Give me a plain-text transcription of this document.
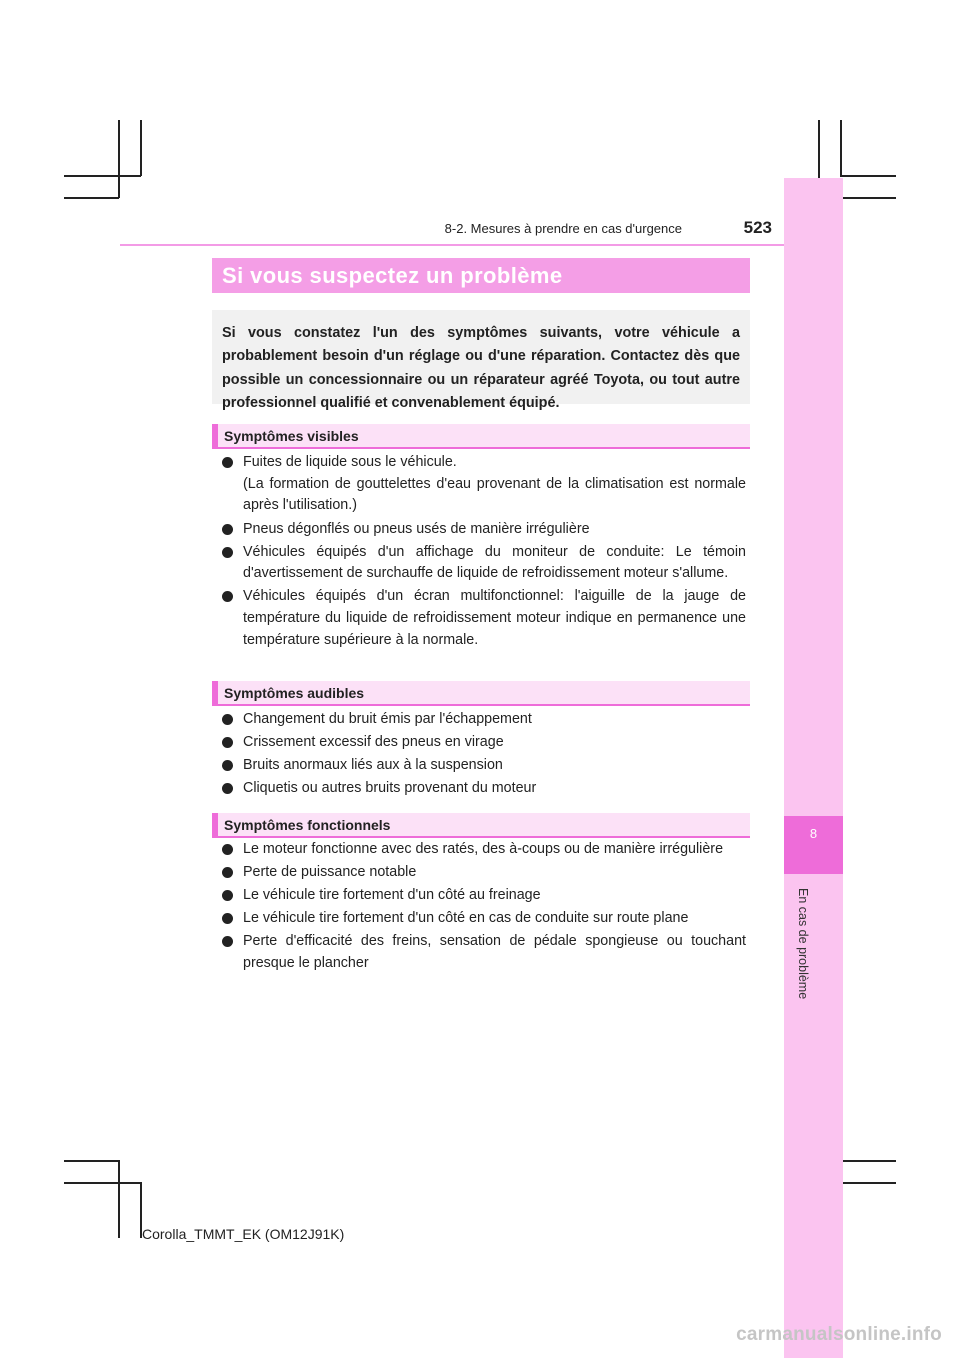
8
En cas de problème
8-2. Mesures à prendre en cas d'urgence	523
Si vous suspectez un problème

Si vous constatez l'un des symptômes suivants, votre véhicule a probablement besoin d'un réglage ou d'une réparation. Contactez dès que possible un concessionnaire ou un réparateur agréé Toyota, ou tout autre professionnel qualifié et convenablement équipé.

Symptômes visibles
Fuites de liquide sous le véhicule.
(La formation de gouttelettes d'eau provenant de la climatisation est normale après l'utilisation.)
Pneus dégonflés ou pneus usés de manière irrégulière
Véhicules équipés d'un affichage du moniteur de conduite: Le témoin d'avertissement de surchauffe de liquide de refroidissement moteur s'allume.
Véhicules équipés d'un écran multifonctionnel: l'aiguille de la jauge de température du liquide de refroidissement moteur indique en permanence une température supérieure à la normale.
Symptômes audibles
Changement du bruit émis par l'échappement
Crissement excessif des pneus en virage
Bruits anormaux liés aux à la suspension
Cliquetis ou autres bruits provenant du moteur
Symptômes fonctionnels
Le moteur fonctionne avec des ratés, des à-coups ou de manière irrégulière
Perte de puissance notable
Le véhicule tire fortement d'un côté au freinage
Le véhicule tire fortement d'un côté en cas de conduite sur route plane
Perte d'efficacité des freins, sensation de pédale spongieuse ou touchant presque le plancher
Corolla_TMMT_EK (OM12J91K)
carmanualsonline.info
